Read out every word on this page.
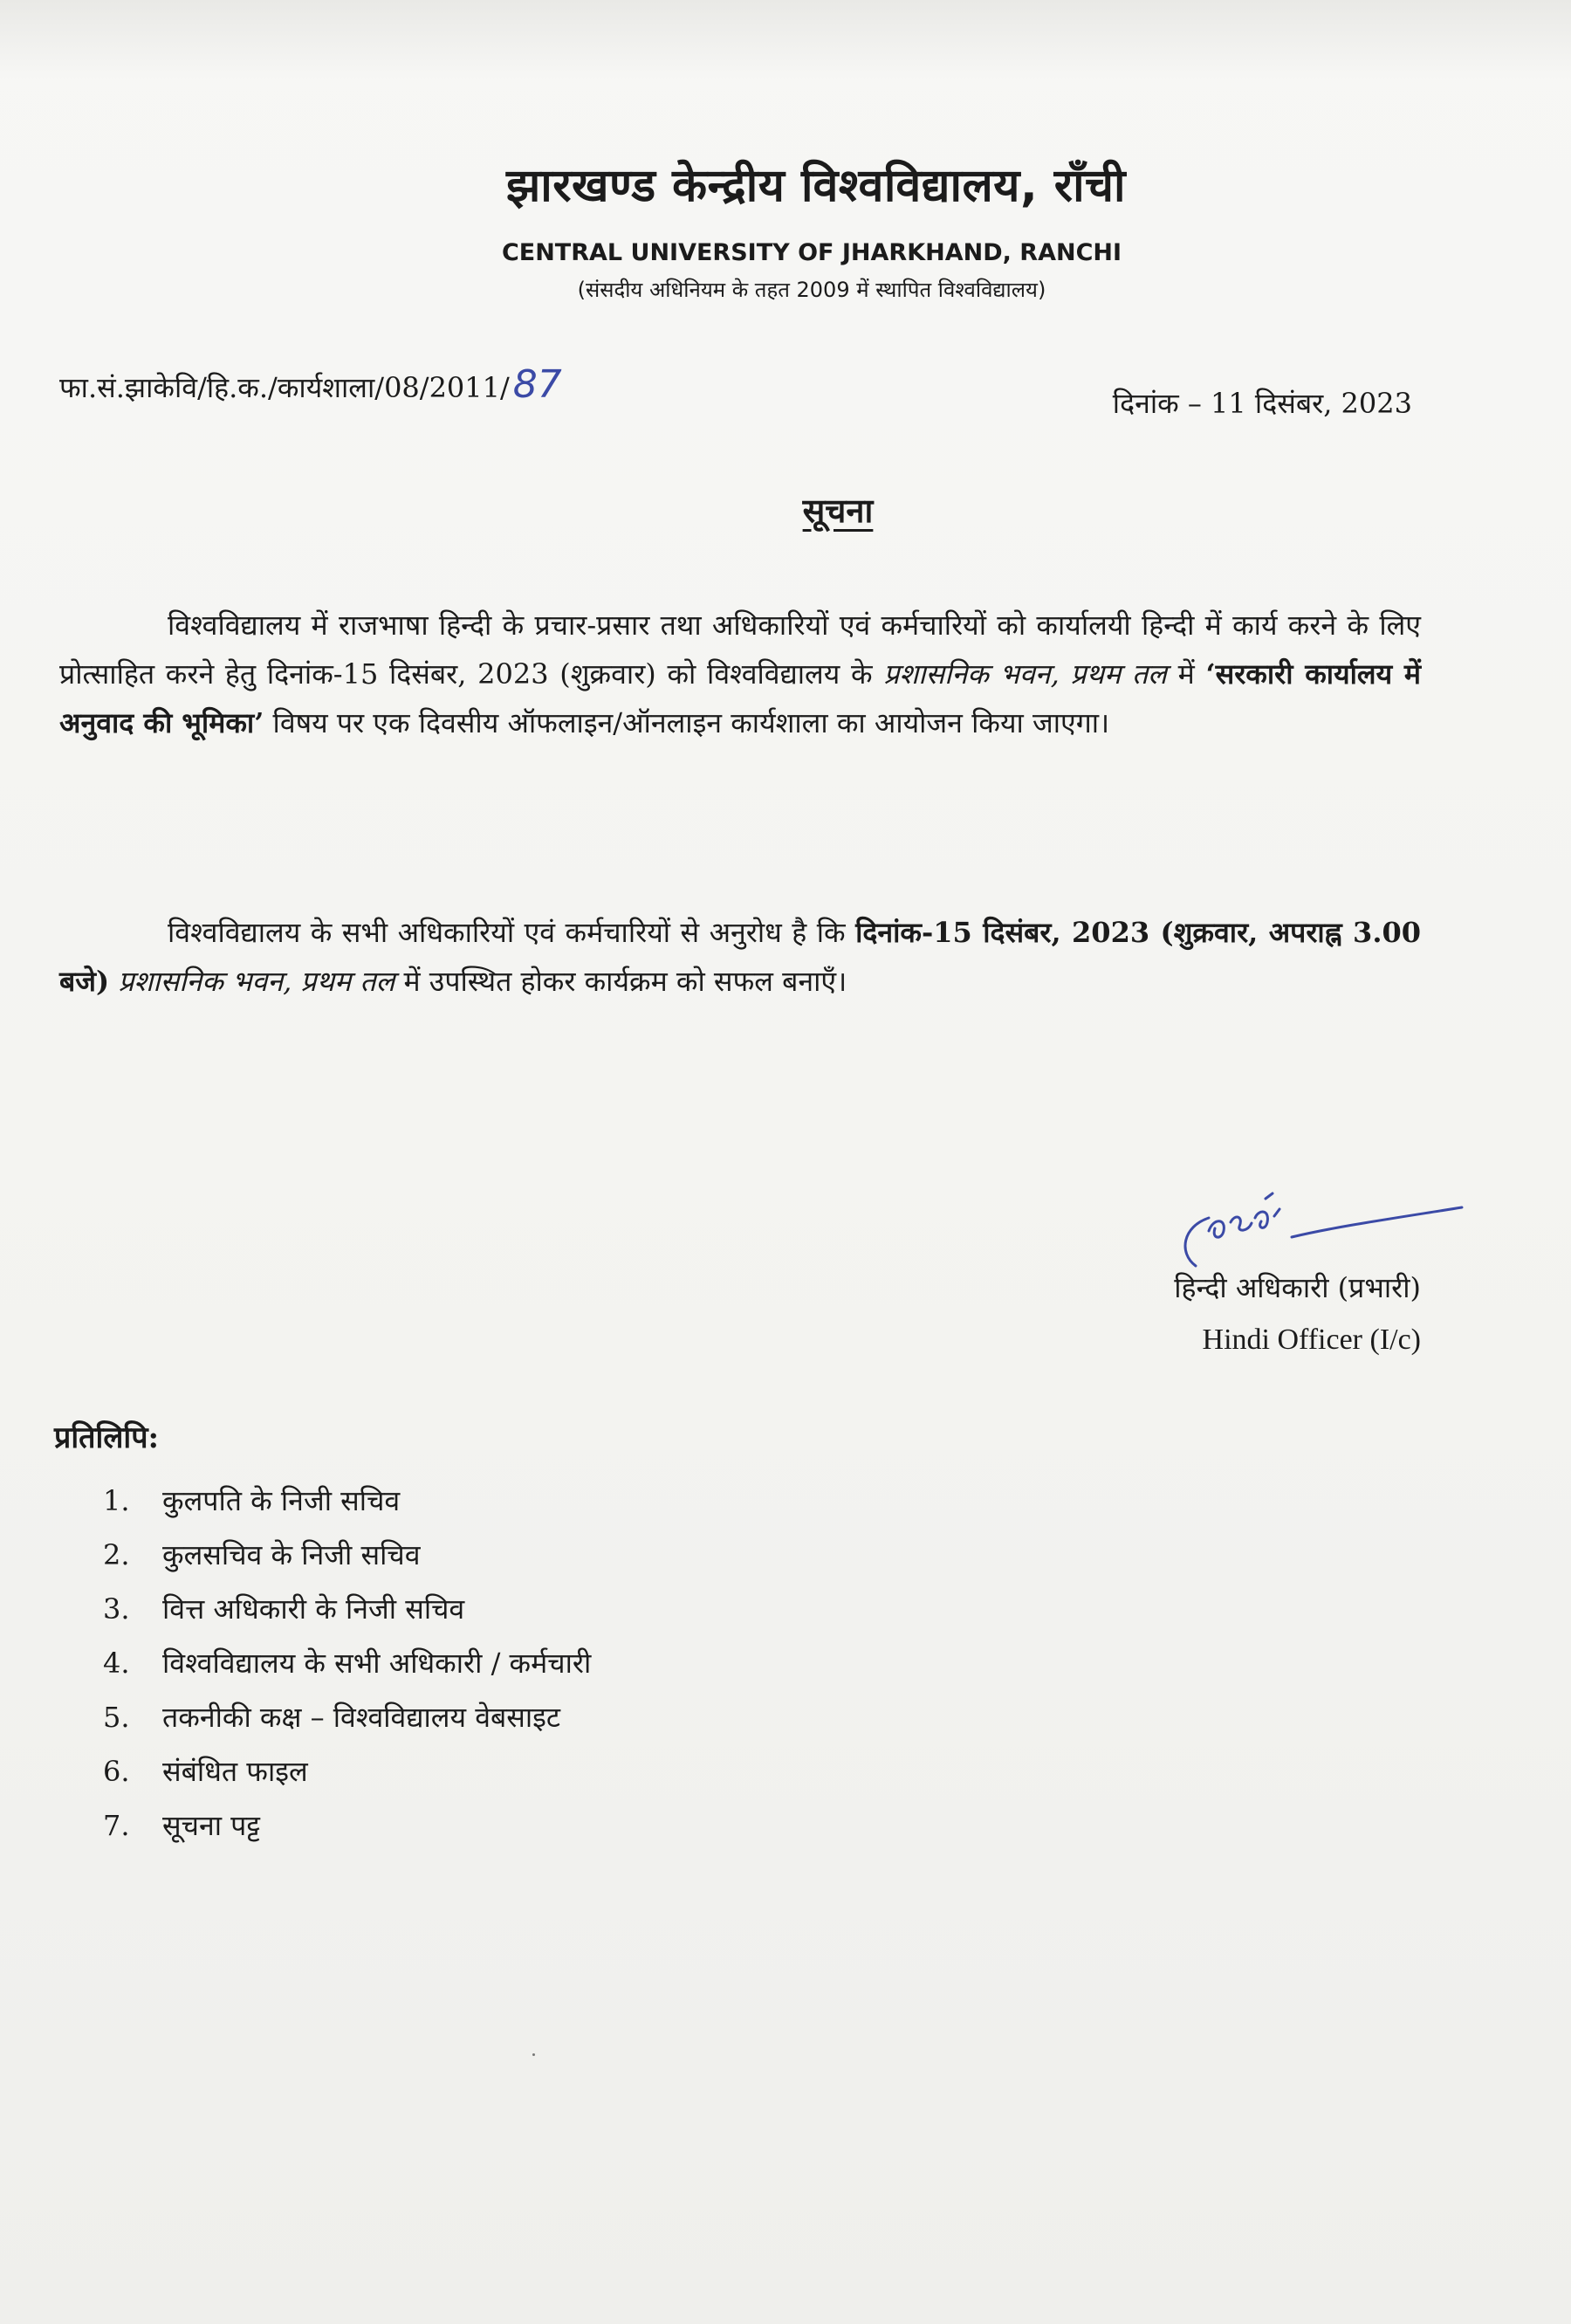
झारखण्ड केन्द्रीय विश्वविद्यालय, राँची
CENTRAL UNIVERSITY OF JHARKHAND, RANCHI
(संसदीय अधिनियम के तहत 2009 में स्थापित विश्वविद्यालय)
फा.सं.झाकेवि/हि.क./कार्यशाला/08/2011/87	दिनांक – 11 दिसंबर, 2023
सूचना
विश्वविद्यालय में राजभाषा हिन्दी के प्रचार-प्रसार तथा अधिकारियों एवं कर्मचारियों को कार्यालयी हिन्दी में कार्य करने के लिए प्रोत्साहित करने हेतु दिनांक-15 दिसंबर, 2023 (शुक्रवार) को विश्वविद्यालय के प्रशासनिक भवन, प्रथम तल में ‘सरकारी कार्यालय में अनुवाद की भूमिका’ विषय पर एक दिवसीय ऑफलाइन/ऑनलाइन कार्यशाला का आयोजन किया जाएगा।
विश्वविद्यालय के सभी अधिकारियों एवं कर्मचारियों से अनुरोध है कि दिनांक-15 दिसंबर, 2023 (शुक्रवार, अपराह्न 3.00 बजे) प्रशासनिक भवन, प्रथम तल में उपस्थित होकर कार्यक्रम को सफल बनाएँ।
हिन्दी अधिकारी (प्रभारी)
Hindi Officer (I/c)
प्रतिलिपि:
1. कुलपति के निजी सचिव
2. कुलसचिव के निजी सचिव
3. वित्त अधिकारी के निजी सचिव
4. विश्वविद्यालय के सभी अधिकारी / कर्मचारी
5. तकनीकी कक्ष – विश्वविद्यालय वेबसाइट
6. संबंधित फाइल
7. सूचना पट्ट
